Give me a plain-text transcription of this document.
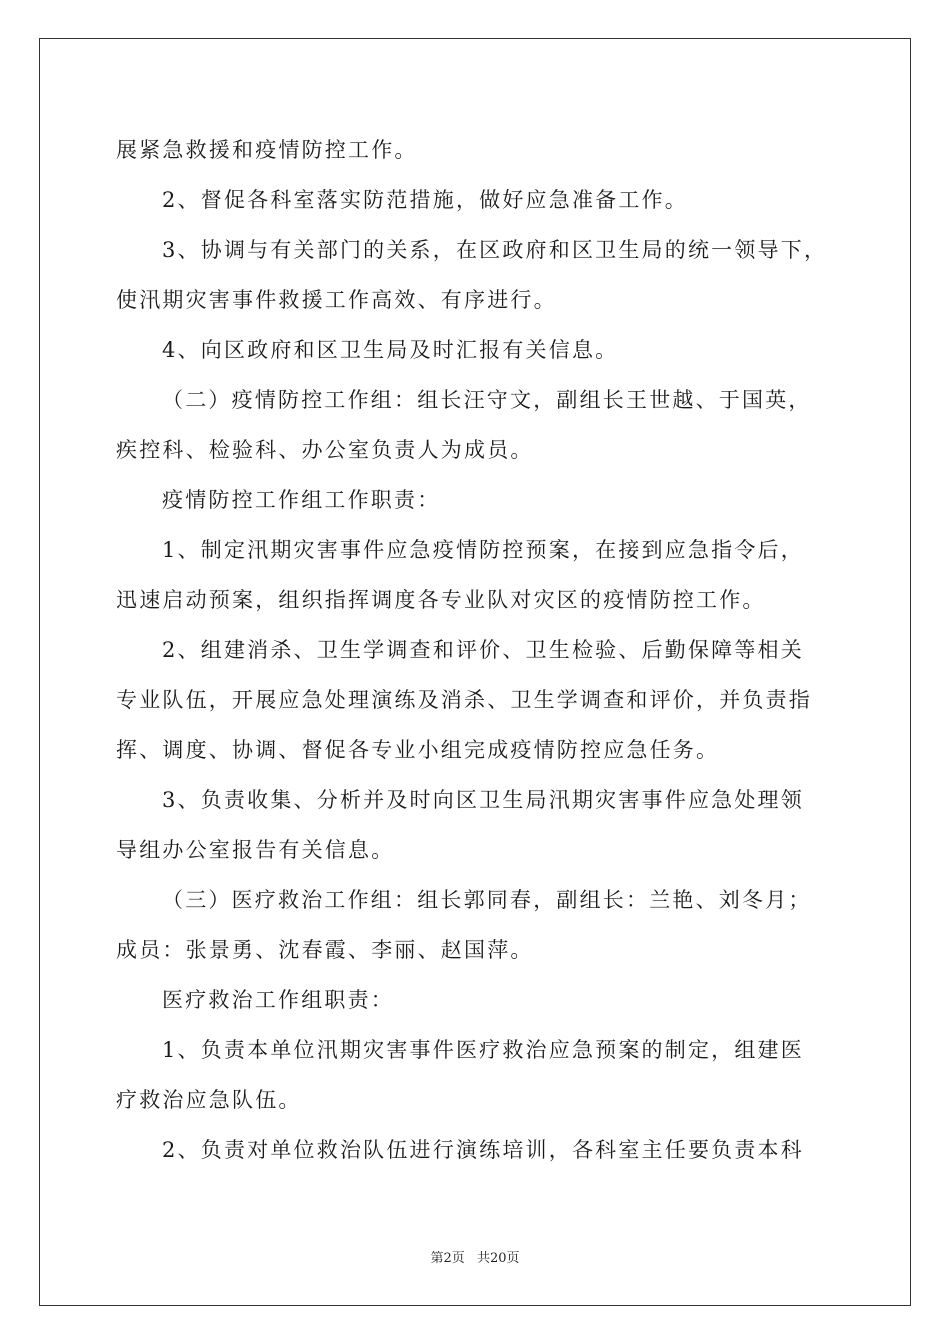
展紧急救援和疫情防控工作。
2、督促各科室落实防范措施，做好应急准备工作。
3、协调与有关部门的关系，在区政府和区卫生局的统一领导下，
使汛期灾害事件救援工作高效、有序进行。
4、向区政府和区卫生局及时汇报有关信息。
（二）疫情防控工作组：组长汪守文，副组长王世越、于国英，
疾控科、检验科、办公室负责人为成员。
疫情防控工作组工作职责：
1、制定汛期灾害事件应急疫情防控预案，在接到应急指令后，
迅速启动预案，组织指挥调度各专业队对灾区的疫情防控工作。
2、组建消杀、卫生学调查和评价、卫生检验、后勤保障等相关
专业队伍，开展应急处理演练及消杀、卫生学调查和评价，并负责指
挥、调度、协调、督促各专业小组完成疫情防控应急任务。
3、负责收集、分析并及时向区卫生局汛期灾害事件应急处理领
导组办公室报告有关信息。
（三）医疗救治工作组：组长郭同春，副组长：兰艳、刘冬月；
成员：张景勇、沈春霞、李丽、赵国萍。
医疗救治工作组职责：
1、负责本单位汛期灾害事件医疗救治应急预案的制定，组建医
疗救治应急队伍。
2、负责对单位救治队伍进行演练培训，各科室主任要负责本科
第2页 共20页
